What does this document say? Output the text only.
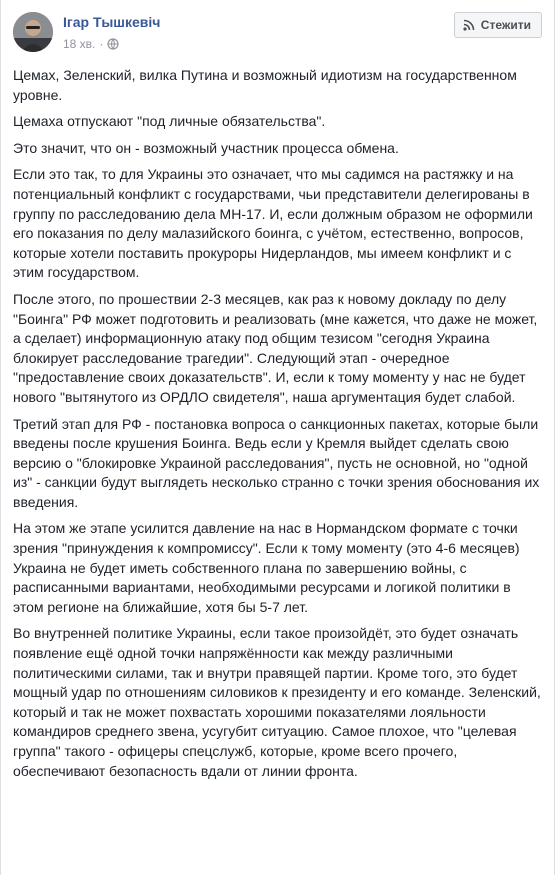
Ігар Тышкевіч
18 хв. ·
Стежити

Цемах, Зеленский, вилка Путина и возможный идиотизм на государственном уровне.

Цемаха отпускают "под личные обязательства".

Это значит, что он - возможный участник процесса обмена.

Если это так, то для Украины это означает, что мы садимся на растяжку и на потенциальный конфликт с государствами, чьи представители делегированы в группу по расследованию дела МН-17. И, если должным образом не оформили его показания по делу малазийского боинга, с учётом, естественно, вопросов, которые хотели поставить прокуроры Нидерландов, мы имеем конфликт и с этим государством.

После этого, по прошествии 2-3 месяцев, как раз к новому докладу по делу "Боинга" РФ может подготовить и реализовать (мне кажется, что даже не может, а сделает) информационную атаку под общим тезисом "сегодня Украина блокирует расследование трагедии". Следующий этап - очередное "предоставление своих доказательств". И, если к тому моменту у нас не будет нового "вытянутого из ОРДЛО свидетеля", наша аргументация будет слабой.

Третий этап для РФ - постановка вопроса о санкционных пакетах, которые были введены после крушения Боинга. Ведь если у Кремля выйдет сделать свою версию о "блокировке Украиной расследования", пусть не основной, но "одной из" - санкции будут выглядеть несколько странно с точки зрения обоснования их введения.

На этом же этапе усилится давление на нас в Нормандском формате с точки зрения "принуждения к компромиссу". Если к тому моменту (это 4-6 месяцев) Украина не будет иметь собственного плана по завершению войны, с расписанными вариантами, необходимыми ресурсами и логикой политики в этом регионе на ближайшие, хотя бы 5-7 лет.

Во внутренней политике Украины, если такое произойдёт, это будет означать появление ещё одной точки напряжённости как между различными политическими силами, так и внутри правящей партии. Кроме того, это будет мощный удар по отношениям силовиков к президенту и его команде. Зеленский, который и так не может похвастать хорошими показателями лояльности командиров среднего звена, усугубит ситуацию. Самое плохое, что "целевая группа" такого - офицеры спецслужб, которые, кроме всего прочего, обеспечивают безопасность вдали от линии фронта.
